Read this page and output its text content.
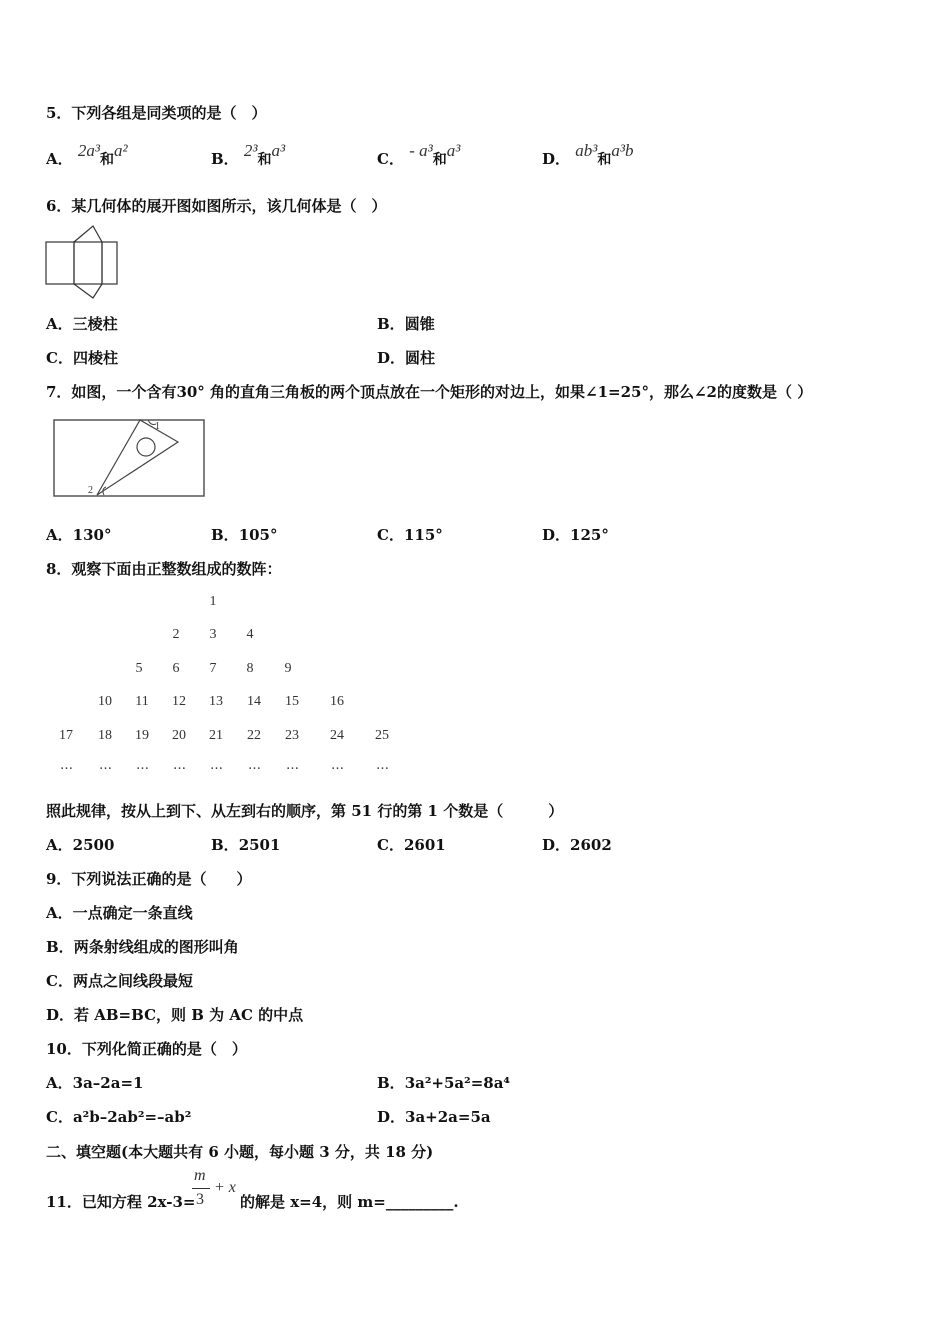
5．下列各组是同类项的是（　）
A． 2a³和a²	B． 2³和a³	C． - a³和a³	D． ab³和a³b
6．某几何体的展开图如图所示，该几何体是（　）
A．三棱柱	B．圆锥
C．四棱柱	D．圆柱
7．如图，一个含有30° 角的直角三角板的两个顶点放在一个矩形的对边上，如果∠1=25°，那么∠2的度数是（ ）
1
2
A．130°	B．105°	C．115°	D．125°
8．观察下面由正整数组成的数阵：
1
2	3	4
5	6	7	8	9
10	11	12	13	14	15	16
17	18	19	20	21	22	23	24	25
…	…	…	…	…	…	…	…	…
照此规律，按从上到下、从左到右的顺序，第 51 行的第 1 个数是（　　　）
A．2500	B．2501	C．2601	D．2602
9．下列说法正确的是（　　）
A．一点确定一条直线
B．两条射线组成的图形叫角
C．两点之间线段最短
D．若 AB=BC，则 B 为 AC 的中点
10．下列化简正确的是（　）
A．3a–2a=1	B．3a²+5a²=8a⁴
C．a²b–2ab²=–ab²	D．3a+2a=5a
二、填空题(本大题共有 6 小题，每小题 3 分，共 18 分)
11．已知方程 2x-3=
m
3
+ x
的解是 x=4，则 m=_________.
